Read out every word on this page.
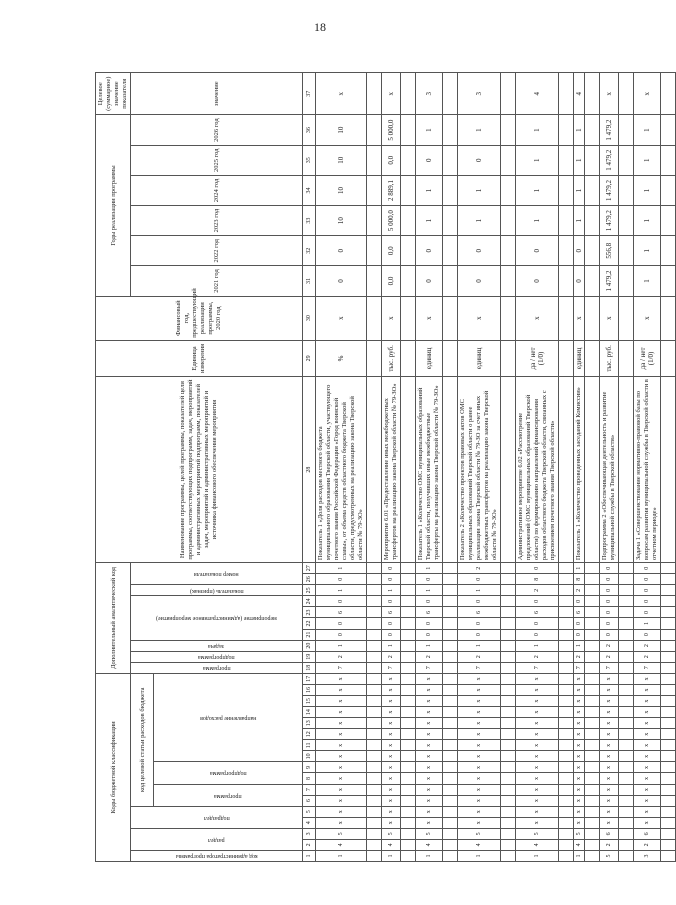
18
Коды бюджетной классификации																	Дополнительный аналитический код										Наименование программы, целей программы, показателей цели программы, соответствующих подпрограмм, задач, мероприятий и административных мероприятий подпрограмм, показателей задач, мероприятий и административных мероприятий и источника финансового обеспечения мероприятия	Единица измерения	Финансовый год, предшествующий реализации программы, 2020 год	Годы реализации программы						Целевое (суммарное) значение показателя

код администратора программы	раздел		подраздел		код целевой статьи расходов бюджета												программа	подпрограмма	задача	мероприятие (административное мероприятие)				показатель (признак)	номер показателя					2021 год	2022 год	2023 год	2024 год	2025 год	2026 год	значение

					программа		подпрограмма		направление расходов																											

1	2	3	4	5	6	7	8	9	10	11	12	13	14	15	16	17	18	19	20	21	22	23	24	25	26	27	28	29	30	31	32	33	34	35	36	37
1	4	5	х	х	х	х	х	х	х	х	х	х	х	х	х	х	7	2	1	0	0	6	0	1	0	1	Показатель 1 «Доля расходов местного бюджета муниципального образования Тверской области, участвующего почетного звания Российской Федерации «Город воинской славы», от объема средств областного бюджета Тверской области, предусмотренных на реализацию закона Тверской области № 79-ЗО»	%	х	0	0	10	10	10	10	х

1	4	5	х	х	х	х	х	х	х	х	х	х	х	х	х	х	7	2	1	0	0	6	0	1	0	0	Мероприятие 6.01 «Предоставление иных межбюджетных трансфертов на реализацию закона Тверской области № 79-ЗО»	тыс. руб.	х	0,0	0,0	5 000,0	2 889,1	0,0	5 000,0	х

1	4	5	х	х	х	х	х	х	х	х	х	х	х	х	х	х	7	2	1	0	0	6	0	1	0	1	Показатель 1 «Количество ОМС муниципальных образований Тверской области, получивших иные межбюджетные трансферты на реализацию закона Тверской области № 79-ЗО»	единиц	х	0	0	1	1	0	1	3

1	4	5	х	х	х	х	х	х	х	х	х	х	х	х	х	х	7	2	1	0	0	6	0	1	0	2	Показатель 2 «Количество проектов правовых актов ОМС муниципальных образований Тверской области о ранее реализации закона Тверской области № 79-ЗО за счет иных межбюджетных трансфертов на реализацию закона Тверской области № 79-ЗО»	единиц	х	0	0	1	1	0	1	3

1	4	5	х	х	х	х	х	х	х	х	х	х	х	х	х	х	7	2	1	0	0	6	0	2	8	0	Административное мероприятие 6.02 «Рассмотрение предложений (ОМС муниципальных образований Тверской области) по формированию направлений финансирования расходов областного бюджета Тверской области, связанных с присвоением почетного звания Тверской области»	да / нет (1/0)	х	0	0	1	1	1	1	4

1	4	5	х	х	х	х	х	х	х	х	х	х	х	х	х	х	7	2	1	0	0	6	0	2	8	1	Показатель 1 «Количество проведенных заседаний Комиссии»	единиц	х	0	0	1	1	1	1	4

5	2	6	х	х	х	х	х	х	х	х	х	х	х	х	х	х	7	2	2	0	0	0	0	0	0	0	Подпрограмма 2 «Обеспечивающая деятельность и развитие муниципальной службы в Тверской области»	тыс. руб.	х	1 479,2	556,8	1 479,2	1 479,2	1 479,2	1 479,2	х

3	2	6	х	х	х	х	х	х	х	х	х	х	х	х	х	х	7	2	2	0	1	0	0	0	0	0	Задача 1 «Совершенствование нормативно-правовой базы по вопросам развития муниципальной службы в Тверской области в отчетном периоде»	да / нет (1/0)	х	1	1	1	1	1	1	х
